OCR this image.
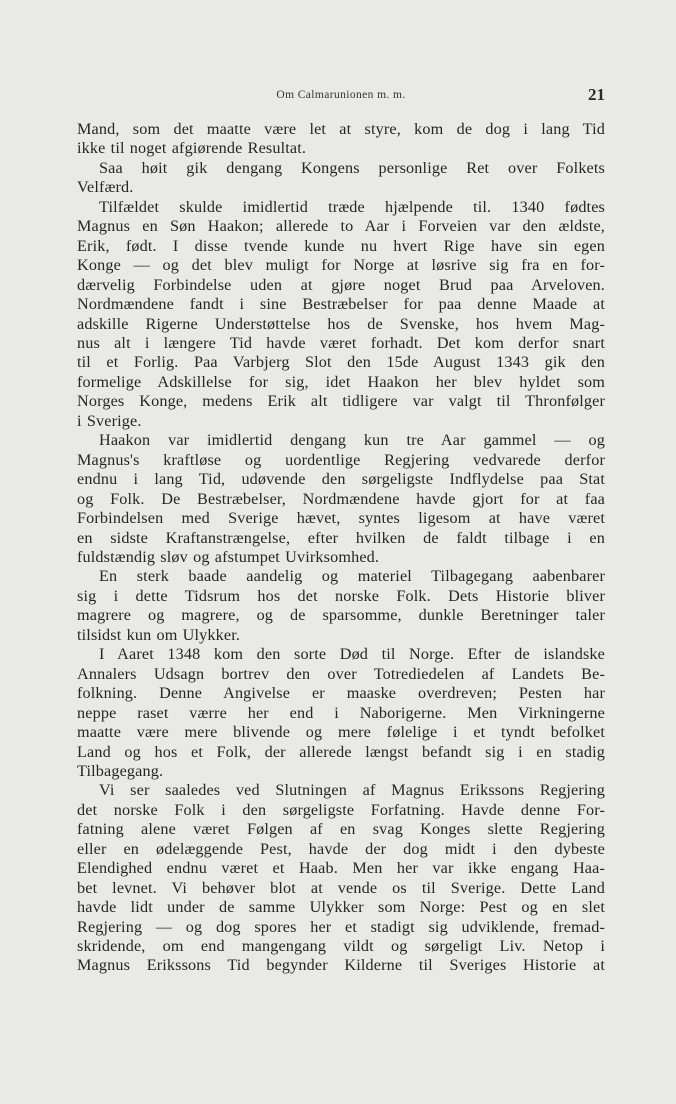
Om Calmarunionen m. m.	21
Mand, som det maatte være let at styre, kom de dog i lang Tid
ikke til noget afgiørende Resultat.
Saa høit gik dengang Kongens personlige Ret over Folkets
Velfærd.
Tilfældet skulde imidlertid træde hjælpende til. 1340 fødtes
Magnus en Søn Haakon; allerede to Aar i Forveien var den ældste,
Erik, født. I disse tvende kunde nu hvert Rige have sin egen
Konge — og det blev muligt for Norge at løsrive sig fra en for-
dærvelig Forbindelse uden at gjøre noget Brud paa Arveloven.
Nordmændene fandt i sine Bestræbelser for paa denne Maade at
adskille Rigerne Understøttelse hos de Svenske, hos hvem Mag-
nus alt i længere Tid havde været forhadt. Det kom derfor snart
til et Forlig. Paa Varbjerg Slot den 15de August 1343 gik den
formelige Adskillelse for sig, idet Haakon her blev hyldet som
Norges Konge, medens Erik alt tidligere var valgt til Thronfølger
i Sverige.
Haakon var imidlertid dengang kun tre Aar gammel — og
Magnus's kraftløse og uordentlige Regjering vedvarede derfor
endnu i lang Tid, udøvende den sørgeligste Indflydelse paa Stat
og Folk. De Bestræbelser, Nordmændene havde gjort for at faa
Forbindelsen med Sverige hævet, syntes ligesom at have været
en sidste Kraftanstrængelse, efter hvilken de faldt tilbage i en
fuldstændig sløv og afstumpet Uvirksomhed.
En sterk baade aandelig og materiel Tilbagegang aabenbarer
sig i dette Tidsrum hos det norske Folk. Dets Historie bliver
magrere og magrere, og de sparsomme, dunkle Beretninger taler
tilsidst kun om Ulykker.
I Aaret 1348 kom den sorte Død til Norge. Efter de islandske
Annalers Udsagn bortrev den over Totrediedelen af Landets Be-
folkning. Denne Angivelse er maaske overdreven; Pesten har
neppe raset værre her end i Naborigerne. Men Virkningerne
maatte være mere blivende og mere følelige i et tyndt befolket
Land og hos et Folk, der allerede længst befandt sig i en stadig
Tilbagegang.
Vi ser saaledes ved Slutningen af Magnus Erikssons Regjering
det norske Folk i den sørgeligste Forfatning. Havde denne For-
fatning alene været Følgen af en svag Konges slette Regjering
eller en ødelæggende Pest, havde der dog midt i den dybeste
Elendighed endnu været et Haab. Men her var ikke engang Haa-
bet levnet. Vi behøver blot at vende os til Sverige. Dette Land
havde lidt under de samme Ulykker som Norge: Pest og en slet
Regjering — og dog spores her et stadigt sig udviklende, fremad-
skridende, om end mangengang vildt og sørgeligt Liv. Netop i
Magnus Erikssons Tid begynder Kilderne til Sveriges Historie at
